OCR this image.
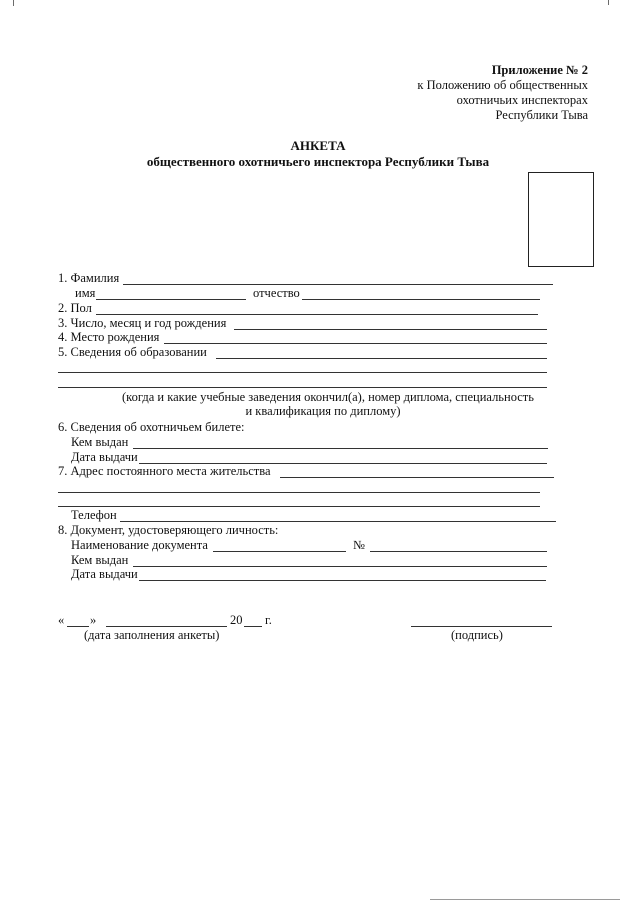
Приложение № 2
к Положению об общественных
охотничьих инспекторах
Республики Тыва
АНКЕТА
общественного охотничьего инспектора Республики Тыва
1. Фамилия
имя	отчество
2. Пол
3. Число, месяц и год рождения
4. Место рождения
5. Сведения об образовании
(когда и какие учебные заведения окончил(а), номер диплома, специальность
и квалификация по диплому)
6. Сведения об охотничьем билете:
Кем выдан
Дата выдачи
7. Адрес постоянного места жительства
Телефон
8. Документ, удостоверяющего личность:
Наименование документа	№
Кем выдан
Дата выдачи
« »	20 г.
(дата заполнения анкеты)	(подпись)
